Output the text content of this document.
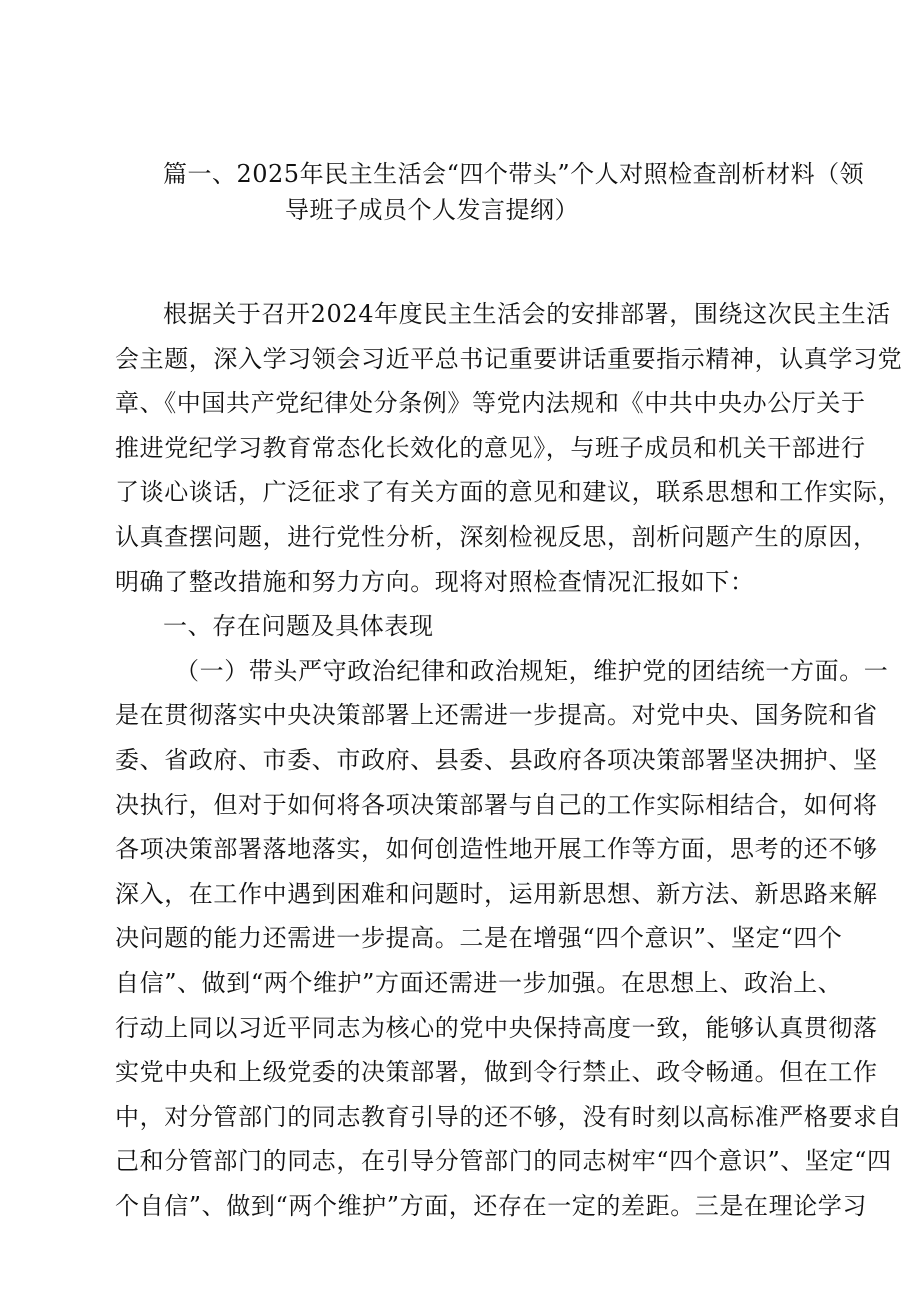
篇一、2025年民主生活会“四个带头”个人对照检查剖析材料（领
导班子成员个人发言提纲）
根据关于召开2024年度民主生活会的安排部署，围绕这次民主生活
会主题，深入学习领会习近平总书记重要讲话重要指示精神，认真学习党
章、《中国共产党纪律处分条例》等党内法规和《中共中央办公厅关于
推进党纪学习教育常态化长效化的意见》，与班子成员和机关干部进行
了谈心谈话，广泛征求了有关方面的意见和建议，联系思想和工作实际，
认真查摆问题，进行党性分析，深刻检视反思，剖析问题产生的原因，
明确了整改措施和努力方向。现将对照检查情况汇报如下：
一、存在问题及具体表现
（一）带头严守政治纪律和政治规矩，维护党的团结统一方面。一
是在贯彻落实中央决策部署上还需进一步提高。对党中央、国务院和省
委、省政府、市委、市政府、县委、县政府各项决策部署坚决拥护、坚
决执行，但对于如何将各项决策部署与自己的工作实际相结合，如何将
各项决策部署落地落实，如何创造性地开展工作等方面，思考的还不够
深入，在工作中遇到困难和问题时，运用新思想、新方法、新思路来解
决问题的能力还需进一步提高。二是在增强“四个意识”、坚定“四个
自信”、做到“两个维护”方面还需进一步加强。在思想上、政治上、
行动上同以习近平同志为核心的党中央保持高度一致，能够认真贯彻落
实党中央和上级党委的决策部署，做到令行禁止、政令畅通。但在工作
中，对分管部门的同志教育引导的还不够，没有时刻以高标准严格要求自
己和分管部门的同志，在引导分管部门的同志树牢“四个意识”、坚定“四
个自信”、做到“两个维护”方面，还存在一定的差距。三是在理论学习
